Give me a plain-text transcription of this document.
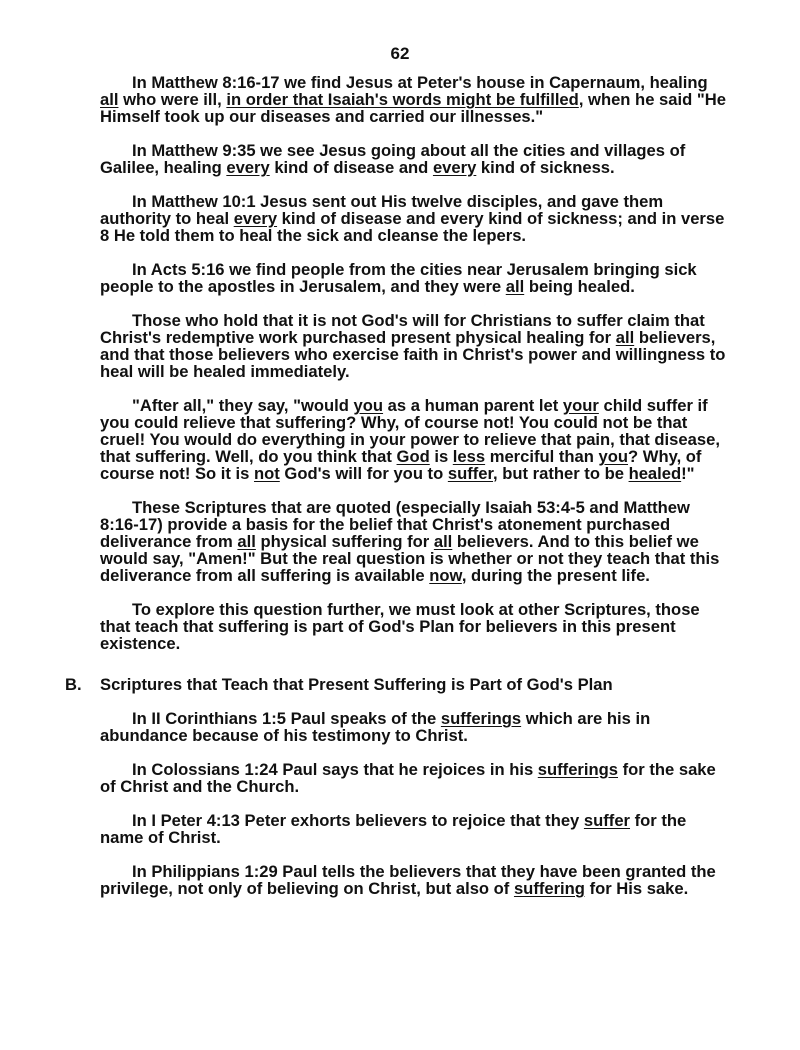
62

In Matthew 8:16-17 we find Jesus at Peter's house in Capernaum, healing all who were ill, in order that Isaiah's words might be fulfilled, when he said "He Himself took up our diseases and carried our illnesses."

In Matthew 9:35 we see Jesus going about all the cities and villages of Galilee, healing every kind of disease and every kind of sickness.

In Matthew 10:1 Jesus sent out His twelve disciples, and gave them authority to heal every kind of disease and every kind of sickness; and in verse 8 He told them to heal the sick and cleanse the lepers.

In Acts 5:16 we find people from the cities near Jerusalem bringing sick people to the apostles in Jerusalem, and they were all being healed.

Those who hold that it is not God's will for Christians to suffer claim that Christ's redemptive work purchased present physical healing for all believers, and that those believers who exercise faith in Christ's power and willingness to heal will be healed immediately.

"After all," they say, "would you as a human parent let your child suffer if you could relieve that suffering? Why, of course not! You could not be that cruel! You would do everything in your power to relieve that pain, that disease, that suffering. Well, do you think that God is less merciful than you? Why, of course not! So it is not God's will for you to suffer, but rather to be healed!"

These Scriptures that are quoted (especially Isaiah 53:4-5 and Matthew 8:16-17) provide a basis for the belief that Christ's atonement purchased deliverance from all physical suffering for all believers. And to this belief we would say, "Amen!" But the real question is whether or not they teach that this deliverance from all suffering is available now, during the present life.

To explore this question further, we must look at other Scriptures, those that teach that suffering is part of God's Plan for believers in this present existence.

B. Scriptures that Teach that Present Suffering is Part of God's Plan

In II Corinthians 1:5 Paul speaks of the sufferings which are his in abundance because of his testimony to Christ.

In Colossians 1:24 Paul says that he rejoices in his sufferings for the sake of Christ and the Church.

In I Peter 4:13 Peter exhorts believers to rejoice that they suffer for the name of Christ.

In Philippians 1:29 Paul tells the believers that they have been granted the privilege, not only of believing on Christ, but also of suffering for His sake.
